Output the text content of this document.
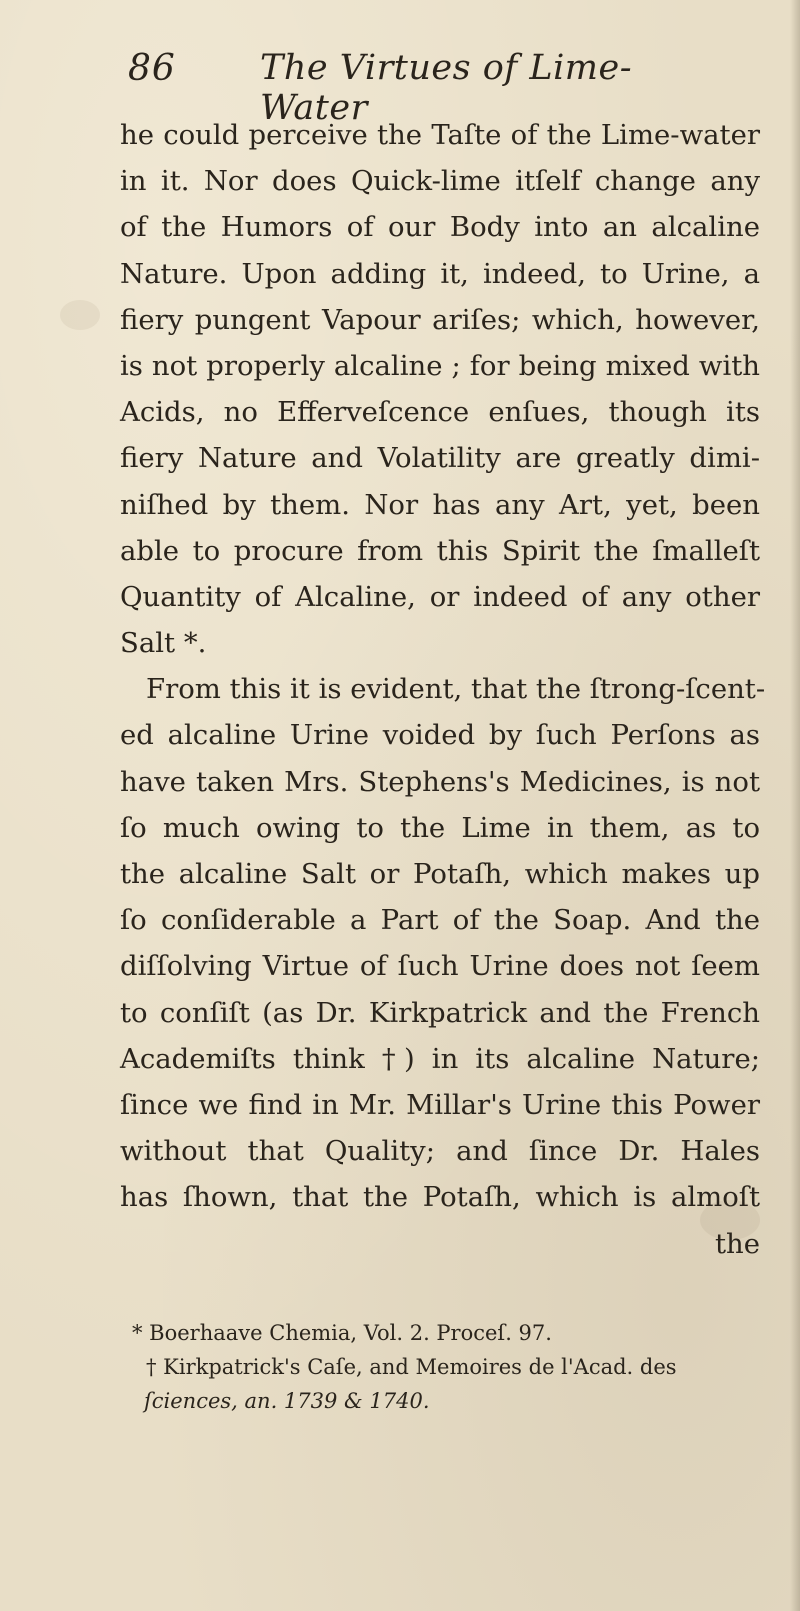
86 The Virtues of Lime-Water
he could perceive the Taſte of the Lime-water
in it. Nor does Quick-lime itſelf change any
of the Humors of our Body into an alcaline
Nature. Upon adding it, indeed, to Urine, a
fiery pungent Vapour ariſes; which, however,
is not properly alcaline ; for being mixed with
Acids, no Effervеſcence enſues, though its
fiery Nature and Volatility are greatly dimi-
niſhed by them. Nor has any Art, yet, been
able to procure from this Spirit the ſmalleſt
Quantity of Alcaline, or indeed of any other
Salt *.
From this it is evident, that the ſtrong-ſcent-
ed alcaline Urine voided by ſuch Perſons as
have taken Mrs. Stephens's Medicines, is not
ſo much owing to the Lime in them, as to
the alcaline Salt or Potaſh, which makes up
ſo conſiderable a Part of the Soap. And the
diſſolving Virtue of ſuch Urine does not ſeem
to conſiſt (as Dr. Kirkpatrick and the French
Academiſts think †) in its alcaline Nature;
ſince we find in Mr. Millar's Urine this Power
without that Quality; and ſince Dr. Hales
has ſhown, that the Potaſh, which is almoſt
the
* Boerhaave Chemia, Vol. 2. Proceſ. 97.
† Kirkpatrick's Caſe, and Memoires de l'Acad. des
ſciences, an. 1739 & 1740.
